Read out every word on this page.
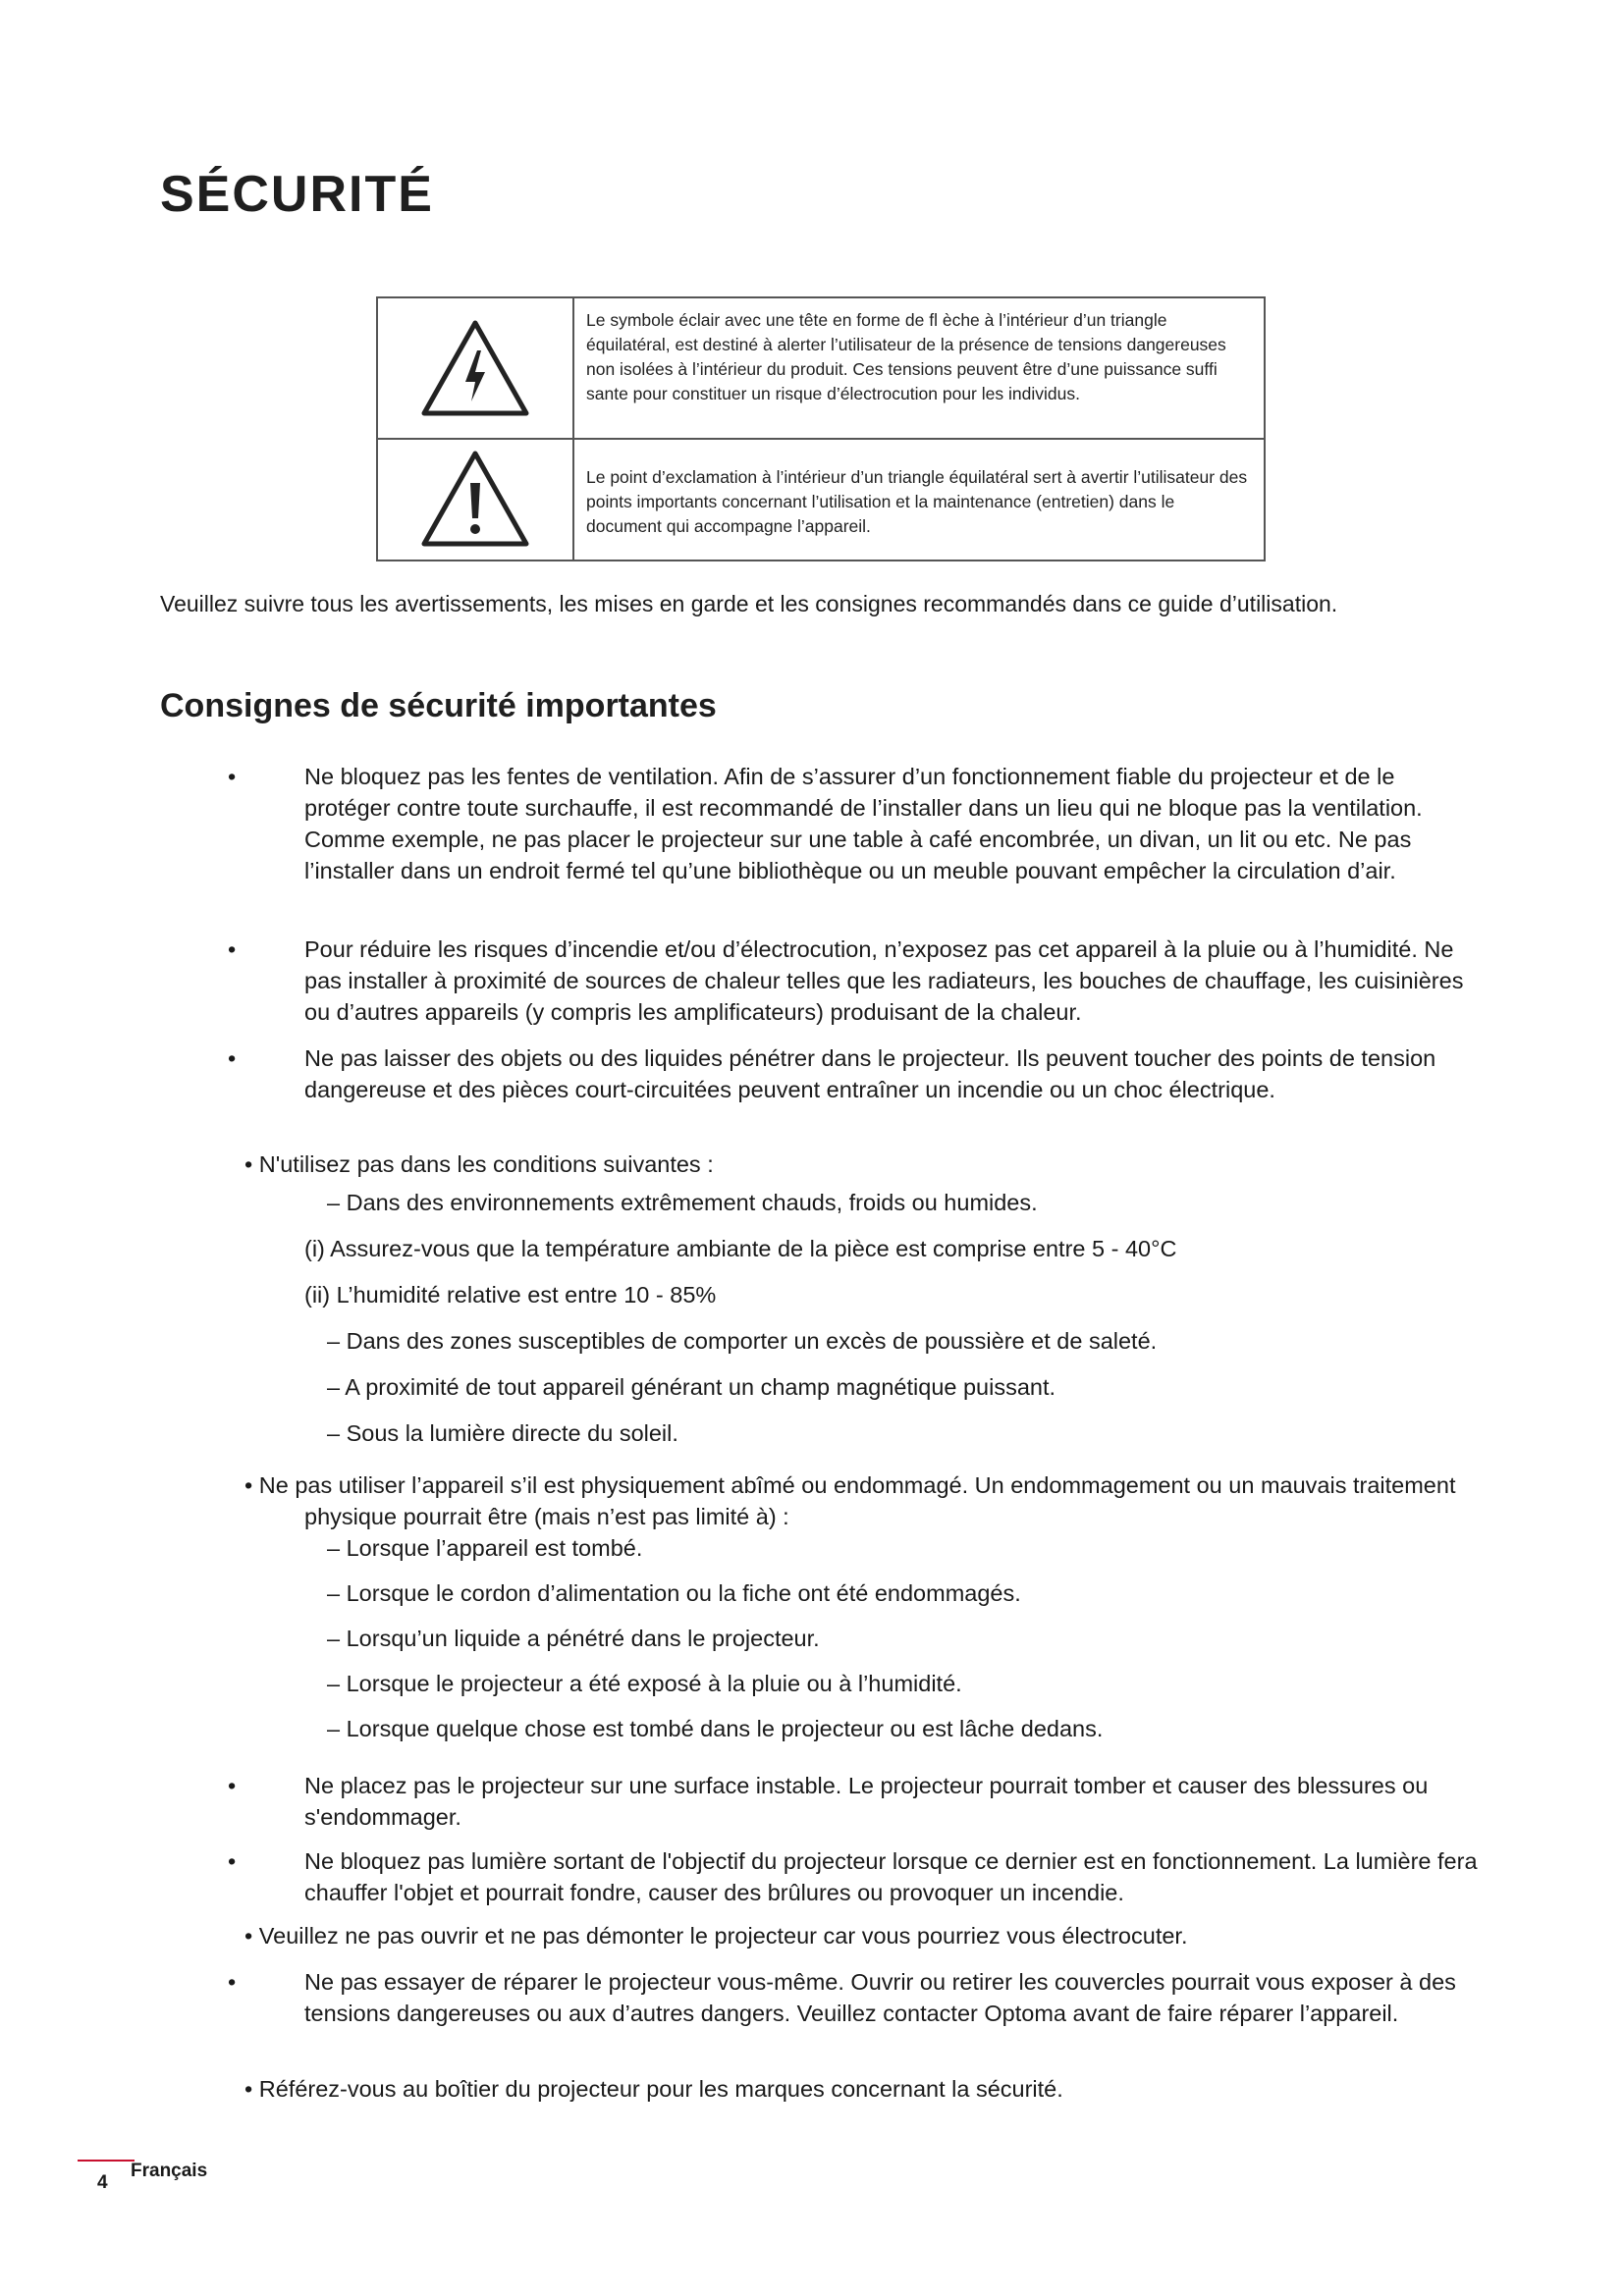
SÉCURITÉ
Le symbole éclair avec une tête en forme de fl èche à l’intérieur d’un triangle équilatéral, est destiné à alerter l’utilisateur de la présence de tensions dangereuses non isolées à l’intérieur du produit. Ces tensions peuvent être d’une puissance suffi sante pour constituer un risque d’électrocution pour les individus.
Le point d’exclamation à l’intérieur d’un triangle équilatéral sert à avertir l’utilisateur des points importants concernant l’utilisation et la maintenance (entretien) dans le document qui accompagne l’appareil.

Veuillez suivre tous les avertissements, les mises en garde et les consignes recommandés dans ce guide d’utilisation.

Consignes de sécurité importantes
•	Ne bloquez pas les fentes de ventilation. Afin de s’assurer d’un fonctionnement fiable du projecteur et de le protéger contre toute surchauffe, il est recommandé de l’installer dans un lieu qui ne bloque pas la ventilation. Comme exemple, ne pas placer le projecteur sur une table à café encombrée, un divan, un lit ou etc. Ne pas l’installer dans un endroit fermé tel qu’une bibliothèque ou un meuble pouvant empêcher la circulation d’air.

•	Pour réduire les risques d’incendie et/ou d’électrocution, n’exposez pas cet appareil à la pluie ou à l’humidité. Ne pas installer à proximité de sources de chaleur telles que les radiateurs, les bouches de chauffage, les cuisinières ou d’autres appareils (y compris les amplificateurs) produisant de la chaleur.

•	Ne pas laisser des objets ou des liquides pénétrer dans le projecteur. Ils peuvent toucher des points de tension dangereuse et des pièces court-circuitées peuvent entraîner un incendie ou un choc électrique.

• N'utilisez pas dans les conditions suivantes :

– Dans des environnements extrêmement chauds, froids ou humides.

(i) Assurez-vous que la température ambiante de la pièce est comprise entre 5 - 40°C

(ii) L’humidité relative est entre 10 - 85%

– Dans des zones susceptibles de comporter un excès de poussière et de saleté.

– A proximité de tout appareil générant un champ magnétique puissant.

– Sous la lumière directe du soleil.

• Ne pas utiliser l’appareil s’il est physiquement abîmé ou endommagé. Un endommagement ou un mauvais traitement physique pourrait être (mais n’est pas limité à) :

– Lorsque l’appareil est tombé.

– Lorsque le cordon d’alimentation ou la fiche ont été endommagés.

– Lorsqu’un liquide a pénétré dans le projecteur.

– Lorsque le projecteur a été exposé à la pluie ou à l’humidité.

– Lorsque quelque chose est tombé dans le projecteur ou est lâche dedans.

•	Ne placez pas le projecteur sur une surface instable. Le projecteur pourrait tomber et causer des blessures ou s'endommager.

•	Ne bloquez pas lumière sortant de l'objectif du projecteur lorsque ce dernier est en fonctionnement. La lumière fera chauffer l'objet et pourrait fondre, causer des brûlures ou provoquer un incendie.

• Veuillez ne pas ouvrir et ne pas démonter le projecteur car vous pourriez vous électrocuter.

•	Ne pas essayer de réparer le projecteur vous-même. Ouvrir ou retirer les couvercles pourrait vous exposer à des tensions dangereuses ou aux d’autres dangers. Veuillez contacter Optoma avant de faire réparer l’appareil.

• Référez-vous au boîtier du projecteur pour les marques concernant la sécurité.

4
Français
